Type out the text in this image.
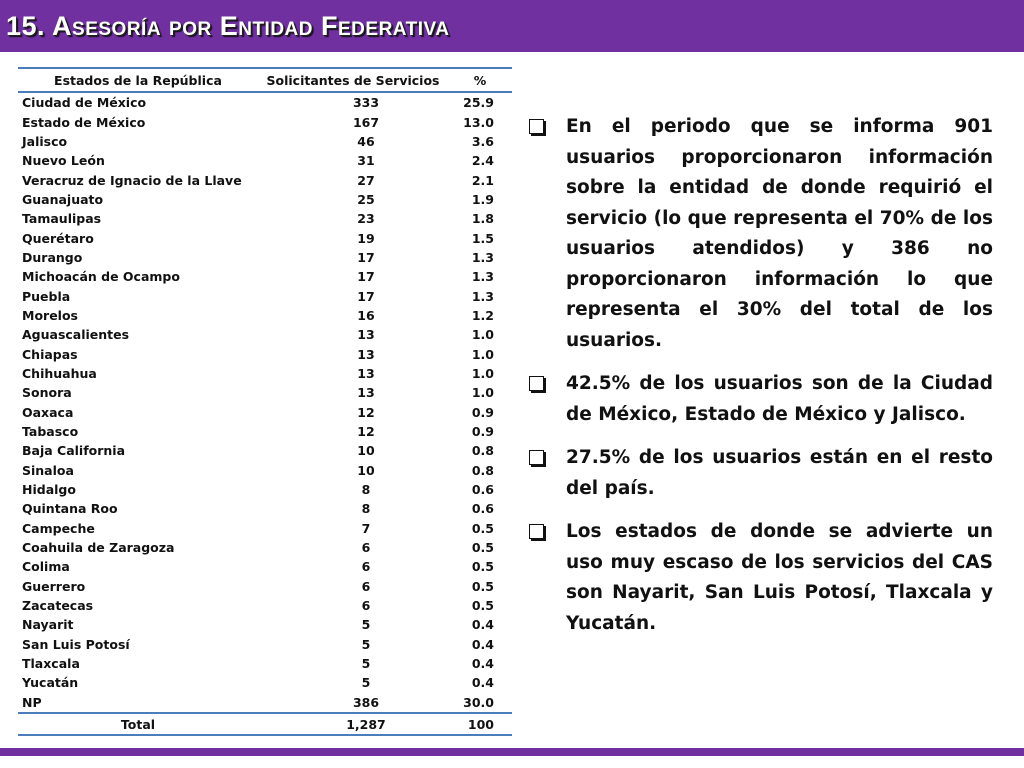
15. Asesoría por Entidad Federativa
Estados de la República	Solicitantes de Servicios	%
Ciudad de México	333	25.9
Estado de México	167	13.0
Jalisco	46	3.6
Nuevo León	31	2.4
Veracruz de Ignacio de la Llave	27	2.1
Guanajuato	25	1.9
Tamaulipas	23	1.8
Querétaro	19	1.5
Durango	17	1.3
Michoacán de Ocampo	17	1.3
Puebla	17	1.3
Morelos	16	1.2
Aguascalientes	13	1.0
Chiapas	13	1.0
Chihuahua	13	1.0
Sonora	13	1.0
Oaxaca	12	0.9
Tabasco	12	0.9
Baja California	10	0.8
Sinaloa	10	0.8
Hidalgo	8	0.6
Quintana Roo	8	0.6
Campeche	7	0.5
Coahuila de Zaragoza	6	0.5
Colima	6	0.5
Guerrero	6	0.5
Zacatecas	6	0.5
Nayarit	5	0.4
San Luis Potosí	5	0.4
Tlaxcala	5	0.4
Yucatán	5	0.4
NP	386	30.0
Total	1,287	100
En el periodo que se informa 901 usuarios proporcionaron información sobre la entidad de donde requirió el servicio (lo que representa el 70% de los usuarios atendidos) y 386 no proporcionaron información lo que representa el 30% del total de los usuarios.
42.5% de los usuarios son de la Ciudad de México, Estado de México y Jalisco.
27.5% de los usuarios están en el resto del país.
Los estados de donde se advierte un uso muy escaso de los servicios del CAS son Nayarit, San Luis Potosí, Tlaxcala y Yucatán.
